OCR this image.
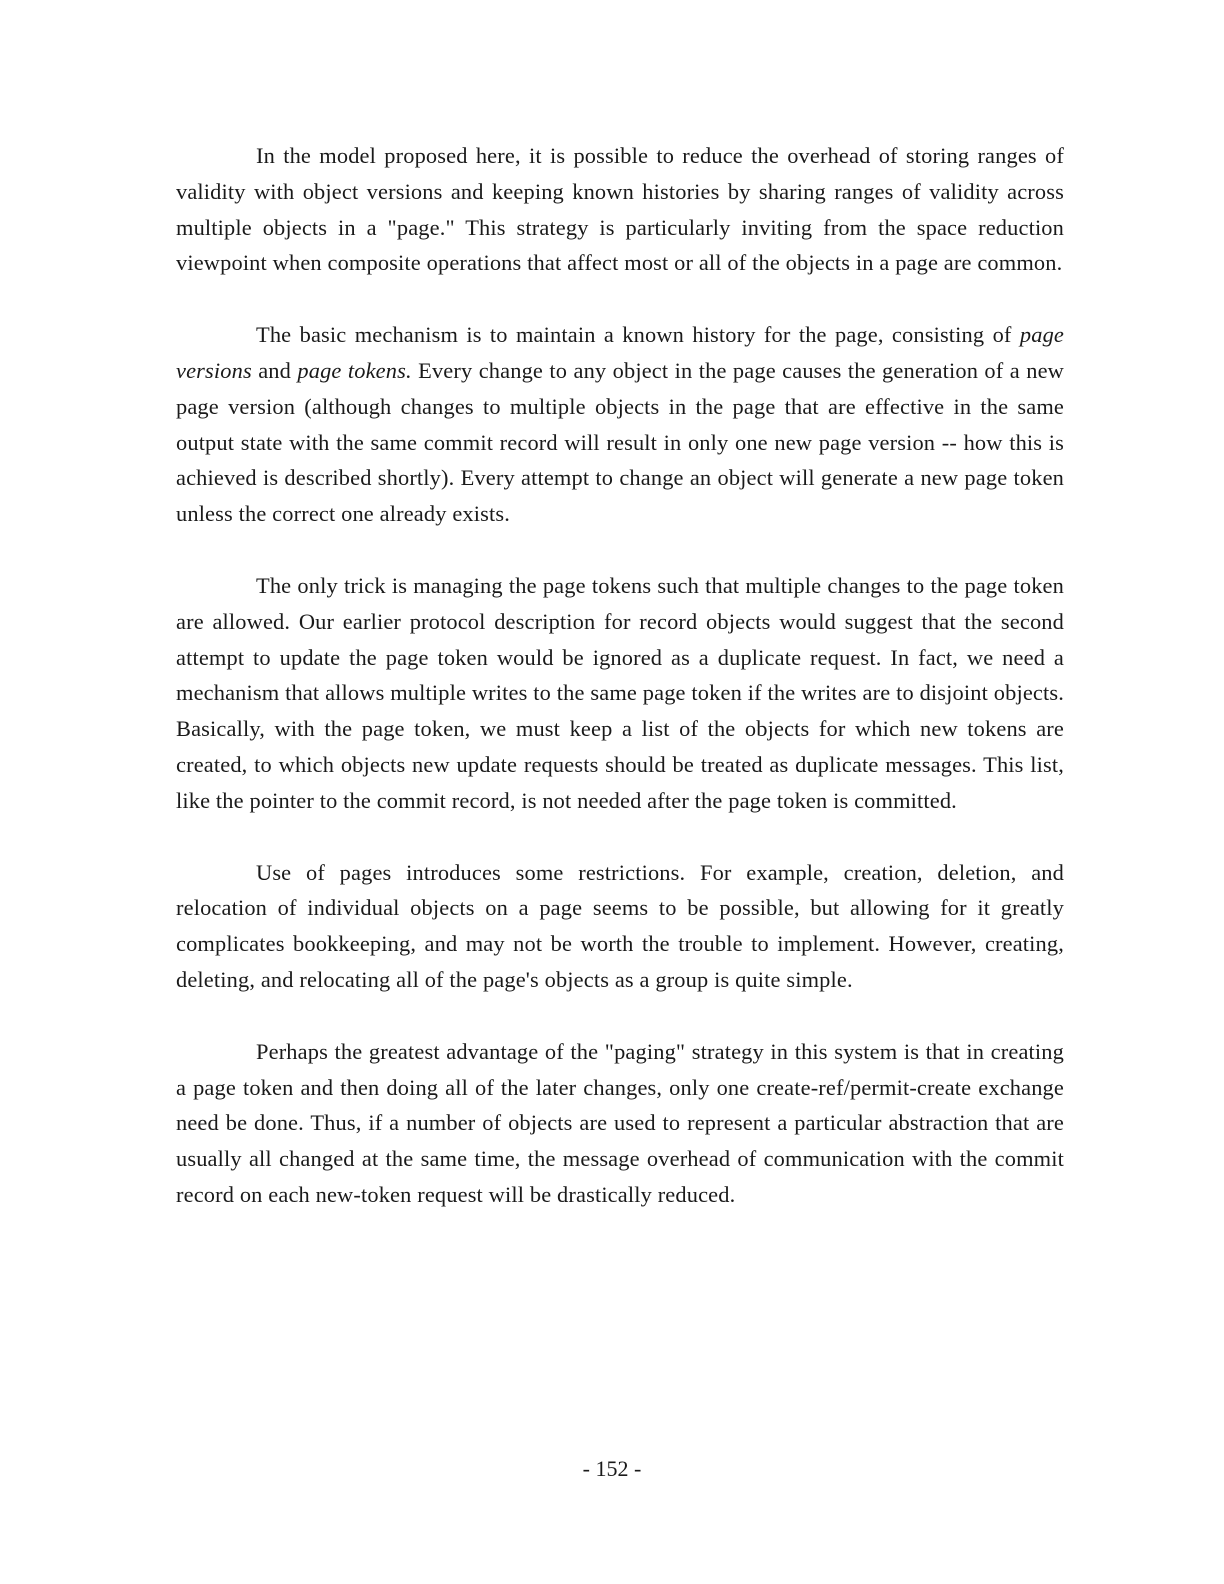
In the model proposed here, it is possible to reduce the overhead of storing ranges of validity with object versions and keeping known histories by sharing ranges of validity across multiple objects in a "page." This strategy is particularly inviting from the space reduction viewpoint when composite operations that affect most or all of the objects in a page are common.

The basic mechanism is to maintain a known history for the page, consisting of page versions and page tokens. Every change to any object in the page causes the generation of a new page version (although changes to multiple objects in the page that are effective in the same output state with the same commit record will result in only one new page version -- how this is achieved is described shortly). Every attempt to change an object will generate a new page token unless the correct one already exists.

The only trick is managing the page tokens such that multiple changes to the page token are allowed. Our earlier protocol description for record objects would suggest that the second attempt to update the page token would be ignored as a duplicate request. In fact, we need a mechanism that allows multiple writes to the same page token if the writes are to disjoint objects. Basically, with the page token, we must keep a list of the objects for which new tokens are created, to which objects new update requests should be treated as duplicate messages. This list, like the pointer to the commit record, is not needed after the page token is committed.

Use of pages introduces some restrictions. For example, creation, deletion, and relocation of individual objects on a page seems to be possible, but allowing for it greatly complicates bookkeeping, and may not be worth the trouble to implement. However, creating, deleting, and relocating all of the page's objects as a group is quite simple.

Perhaps the greatest advantage of the "paging" strategy in this system is that in creating a page token and then doing all of the later changes, only one create-ref/permit-create exchange need be done. Thus, if a number of objects are used to represent a particular abstraction that are usually all changed at the same time, the message overhead of communication with the commit record on each new-token request will be drastically reduced.

- 152 -
